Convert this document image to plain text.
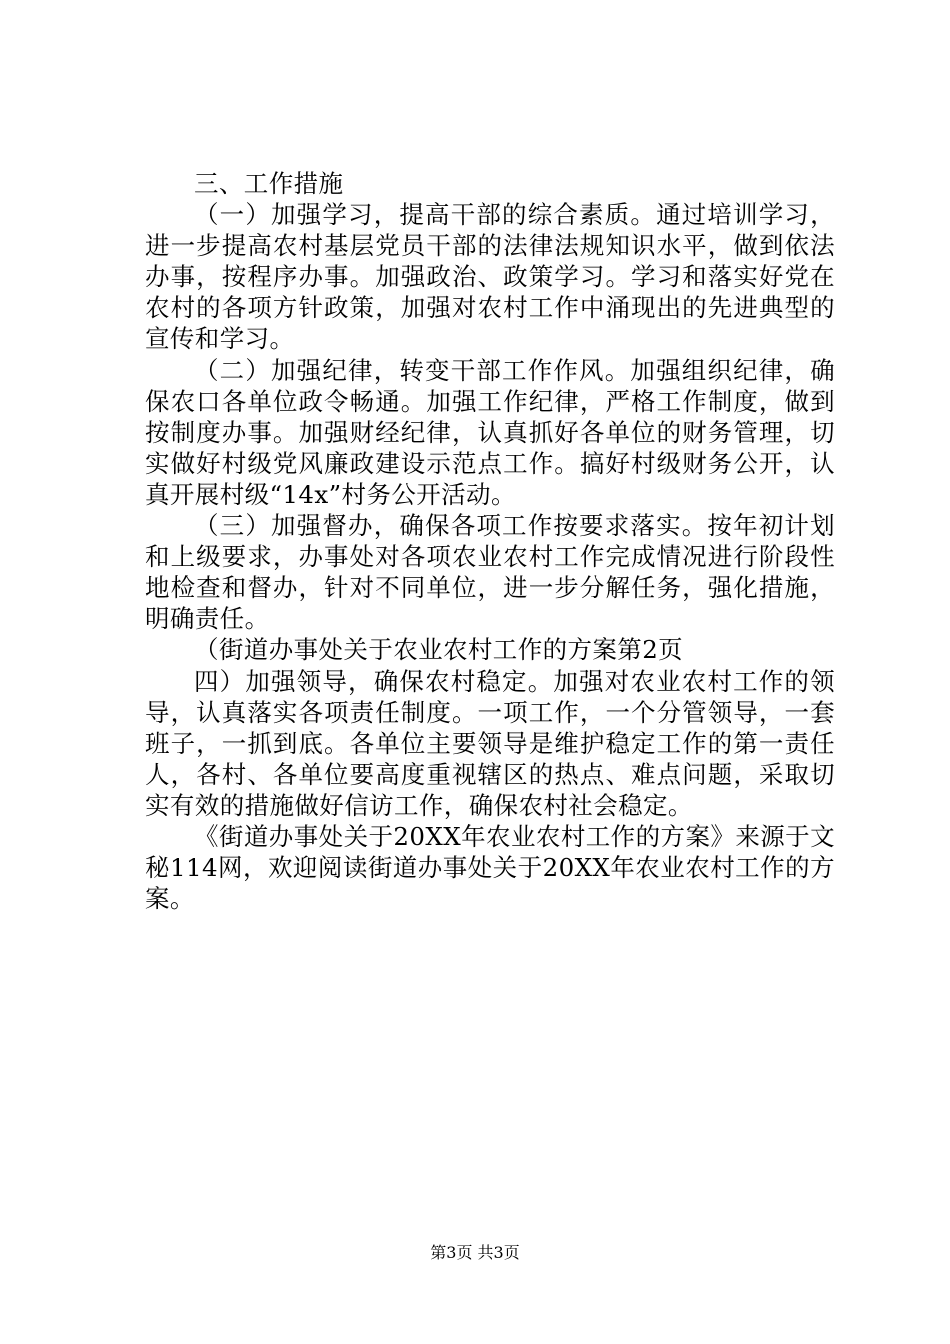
三、工作措施

（一）加强学习，提高干部的综合素质。通过培训学习，进一步提高农村基层党员干部的法律法规知识水平，做到依法办事，按程序办事。加强政治、政策学习。学习和落实好党在农村的各项方针政策，加强对农村工作中涌现出的先进典型的宣传和学习。

（二）加强纪律，转变干部工作作风。加强组织纪律，确保农口各单位政令畅通。加强工作纪律，严格工作制度，做到按制度办事。加强财经纪律，认真抓好各单位的财务管理，切实做好村级党风廉政建设示范点工作。搞好村级财务公开，认真开展村级“14x”村务公开活动。

（三）加强督办，确保各项工作按要求落实。按年初计划和上级要求，办事处对各项农业农村工作完成情况进行阶段性地检查和督办，针对不同单位，进一步分解任务，强化措施，明确责任。

（街道办事处关于农业农村工作的方案第2页

四）加强领导，确保农村稳定。加强对农业农村工作的领导，认真落实各项责任制度。一项工作，一个分管领导，一套班子，一抓到底。各单位主要领导是维护稳定工作的第一责任人，各村、各单位要高度重视辖区的热点、难点问题，采取切实有效的措施做好信访工作，确保农村社会稳定。

《街道办事处关于20XX年农业农村工作的方案》来源于文秘114网，欢迎阅读街道办事处关于20XX年农业农村工作的方案。

第3页 共3页
